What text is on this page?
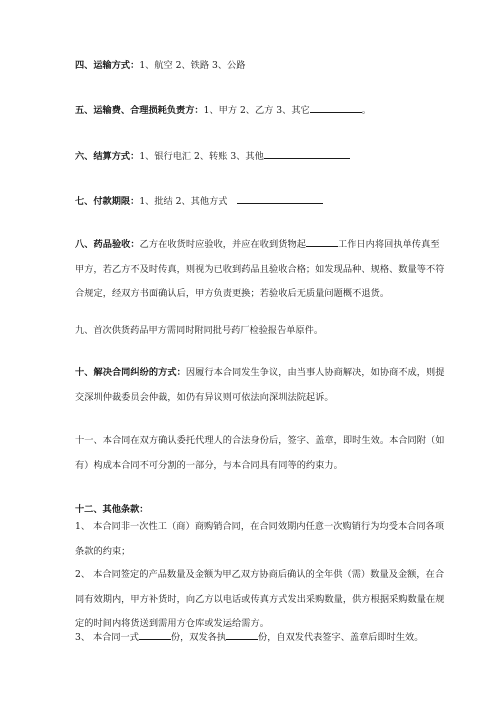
四、运输方式：1、航空 2、铁路 3、公路
五、运输费、合理损耗负责方：1、甲方 2、乙方 3、其它	。
六、结算方式：1、银行电汇 2、转账 3、其他
七、付款期限：1、批结 2、其他方式
八、药品验收：乙方在收货时应验收，并应在收到货物起	工作日内将回执单传真至甲方，若乙方不及时传真，则视为已收到药品且验收合格；如发现品种、规格、数量等不符合规定，经双方书面确认后，甲方负责更换；若验收后无质量问题概不退货。
九、首次供货药品甲方需同时附同批号药厂检验报告单原件。
十、解决合同纠纷的方式：因履行本合同发生争议，由当事人协商解决，如协商不成，则提交深圳仲裁委员会仲裁，如仍有异议则可依法向深圳法院起诉。
十一、本合同在双方确认委托代理人的合法身份后，签字、盖章，即时生效。本合同附（如有）构成本合同不可分割的一部分，与本合同具有同等的约束力。
十二、其他条款：
1、 本合同非一次性工（商）商购销合同，在合同效期内任意一次购销行为均受本合同各项条款的约束；
2、 本合同签定的产品数量及金额为甲乙双方协商后确认的全年供（需）数量及金额，在合同有效期内，甲方补货时，向乙方以电话或传真方式发出采购数量，供方根据采购数量在规定的时间内将货送到需用方仓库或发运给需方。
3、 本合同一式	份，双发各执	份，自双发代表签字、盖章后即时生效。
